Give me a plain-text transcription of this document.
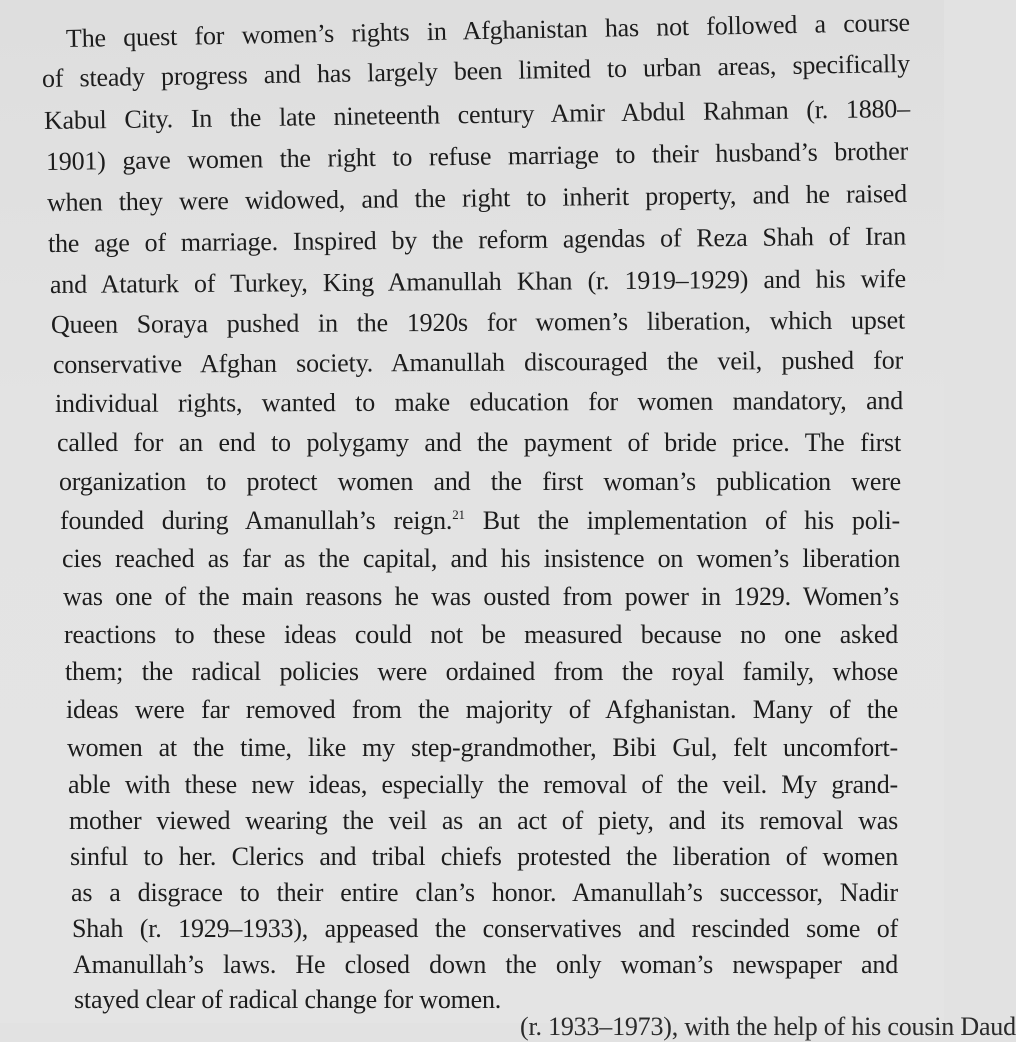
The quest for women’s rights in Afghanistan has not followed a course
of steady progress and has largely been limited to urban areas, specifically
Kabul City. In the late nineteenth century Amir Abdul Rahman (r. 1880–
1901) gave women the right to refuse marriage to their husband’s brother
when they were widowed, and the right to inherit property, and he raised
the age of marriage. Inspired by the reform agendas of Reza Shah of Iran
and Ataturk of Turkey, King Amanullah Khan (r. 1919–1929) and his wife
Queen Soraya pushed in the 1920s for women’s liberation, which upset
conservative Afghan society. Amanullah discouraged the veil, pushed for
individual rights, wanted to make education for women mandatory, and
called for an end to polygamy and the payment of bride price. The first
organization to protect women and the first woman’s publication were
founded during Amanullah’s reign.$^{21}$ But the implementation of his poli-
cies reached as far as the capital, and his insistence on women’s liberation
was one of the main reasons he was ousted from power in 1929. Women’s
reactions to these ideas could not be measured because no one asked
them; the radical policies were ordained from the royal family, whose
ideas were far removed from the majority of Afghanistan. Many of the
women at the time, like my step-grandmother, Bibi Gul, felt uncomfort-
able with these new ideas, especially the removal of the veil. My grand-
mother viewed wearing the veil as an act of piety, and its removal was
sinful to her. Clerics and tribal chiefs protested the liberation of women
as a disgrace to their entire clan’s honor. Amanullah’s successor, Nadir
Shah (r. 1929–1933), appeased the conservatives and rescinded some of
Amanullah’s laws. He closed down the only woman’s newspaper and
stayed clear of radical change for women.
(r. 1933–1973), with the help of his cousin Daud
